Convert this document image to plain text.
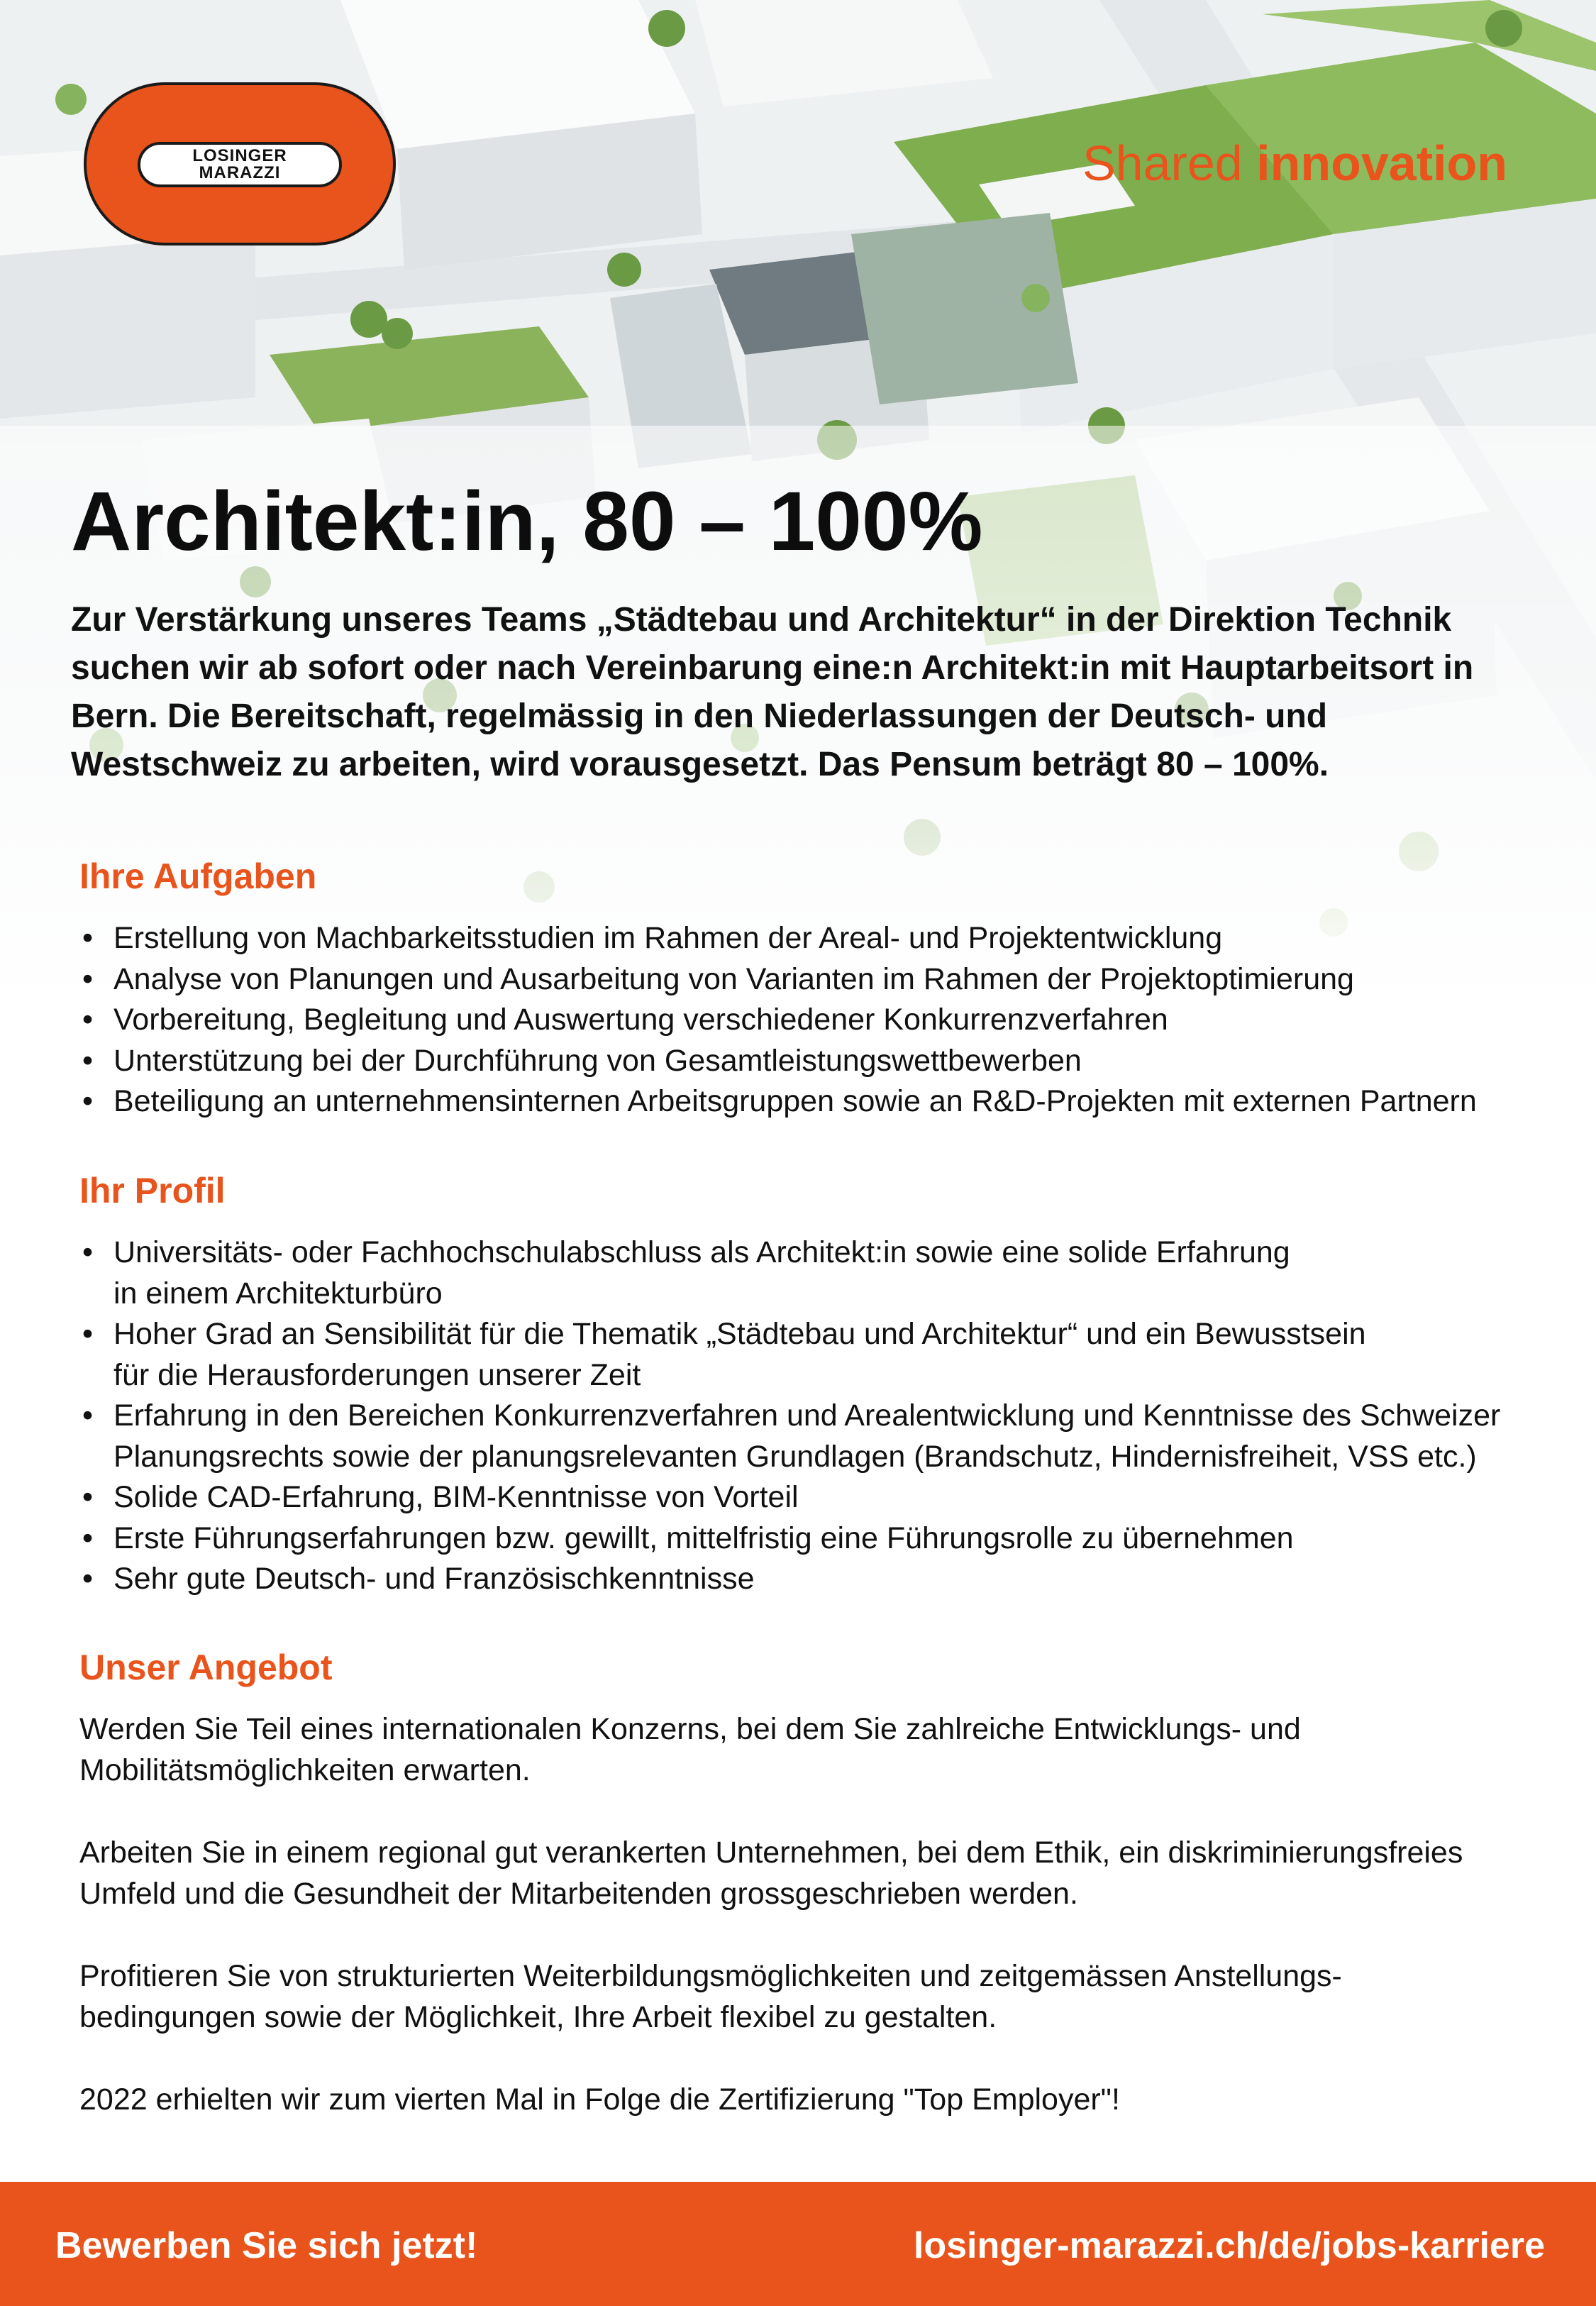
LOSINGER
MARAZZI	Shared innovation
Architekt:in, 80 – 100%

Zur Verstärkung unseres Teams „Städtebau und Architektur“ in der Direktion Technik suchen wir ab sofort oder nach Vereinbarung eine:n Architekt:in mit Hauptarbeitsort in Bern. Die Bereitschaft, regelmässig in den Niederlassungen der Deutsch- und Westschweiz zu arbeiten, wird vorausgesetzt. Das Pensum beträgt 80 – 100%.

Ihre Aufgaben
• Erstellung von Machbarkeitsstudien im Rahmen der Areal- und Projektentwicklung
• Analyse von Planungen und Ausarbeitung von Varianten im Rahmen der Projektoptimierung
• Vorbereitung, Begleitung und Auswertung verschiedener Konkurrenzverfahren
• Unterstützung bei der Durchführung von Gesamtleistungswettbewerben
• Beteiligung an unternehmensinternen Arbeitsgruppen sowie an R&D-Projekten mit externen Partnern
Ihr Profil
• Universitäts- oder Fachhochschulabschluss als Architekt:in sowie eine solide Erfahrung
in einem Architekturbüro
• Hoher Grad an Sensibilität für die Thematik „Städtebau und Architektur“ und ein Bewusstsein
für die Herausforderungen unserer Zeit
• Erfahrung in den Bereichen Konkurrenzverfahren und Arealentwicklung und Kenntnisse des Schweizer
Planungsrechts sowie der planungsrelevanten Grundlagen (Brandschutz, Hindernisfreiheit, VSS etc.)
• Solide CAD-Erfahrung, BIM-Kenntnisse von Vorteil
• Erste Führungserfahrungen bzw. gewillt, mittelfristig eine Führungsrolle zu übernehmen
• Sehr gute Deutsch- und Französischkenntnisse
Unser Angebot

Werden Sie Teil eines internationalen Konzerns, bei dem Sie zahlreiche Entwicklungs- und
Mobilitätsmöglichkeiten erwarten.

Arbeiten Sie in einem regional gut verankerten Unternehmen, bei dem Ethik, ein diskriminierungsfreies
Umfeld und die Gesundheit der Mitarbeitenden grossgeschrieben werden.

Profitieren Sie von strukturierten Weiterbildungsmöglichkeiten und zeitgemässen Anstellungs-
bedingungen sowie der Möglichkeit, Ihre Arbeit flexibel zu gestalten.

2022 erhielten wir zum vierten Mal in Folge die Zertifizierung "Top Employer"!

Bewerben Sie sich jetzt!	losinger-marazzi.ch/de/jobs-karriere
